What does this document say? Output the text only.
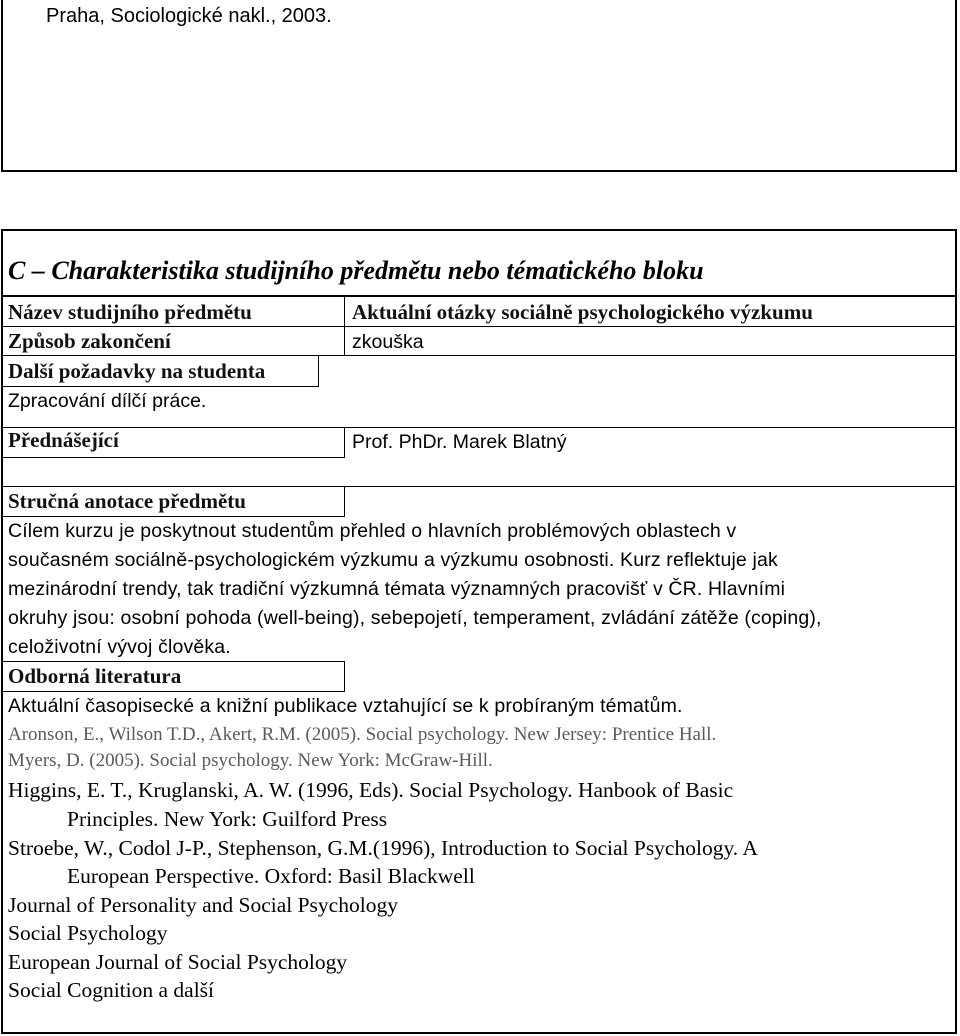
Praha, Sociologické nakl., 2003.
C – Charakteristika studijního předmětu nebo tématického bloku
Název studijního předmětu	Aktuální otázky sociálně psychologického výzkumu
Způsob zakončení	zkouška
Další požadavky na studenta
Zpracování dílčí práce.
Přednášející	Prof. PhDr. Marek Blatný
Stručná anotace předmětu
Cílem kurzu je poskytnout studentům přehled o hlavních problémových oblastech v
současném sociálně-psychologickém výzkumu a výzkumu osobnosti. Kurz reflektuje jak
mezinárodní trendy, tak tradiční výzkumná témata významných pracovišť v ČR. Hlavními
okruhy jsou: osobní pohoda (well-being), sebepojetí, temperament, zvládání zátěže (coping),
celoživotní vývoj člověka.
Odborná literatura
Aktuální časopisecké a knižní publikace vztahující se k probíraným tématům.
Aronson, E., Wilson T.D., Akert, R.M. (2005). Social psychology. New Jersey: Prentice Hall.
Myers, D. (2005). Social psychology. New York: McGraw-Hill.
Higgins, E. T., Kruglanski, A. W. (1996, Eds). Social Psychology. Hanbook of Basic
Principles. New York: Guilford Press
Stroebe, W., Codol J-P., Stephenson, G.M.(1996), Introduction to Social Psychology. A
European Perspective. Oxford: Basil Blackwell
Journal of Personality and Social Psychology
Social Psychology
European Journal of Social Psychology
Social Cognition a další
